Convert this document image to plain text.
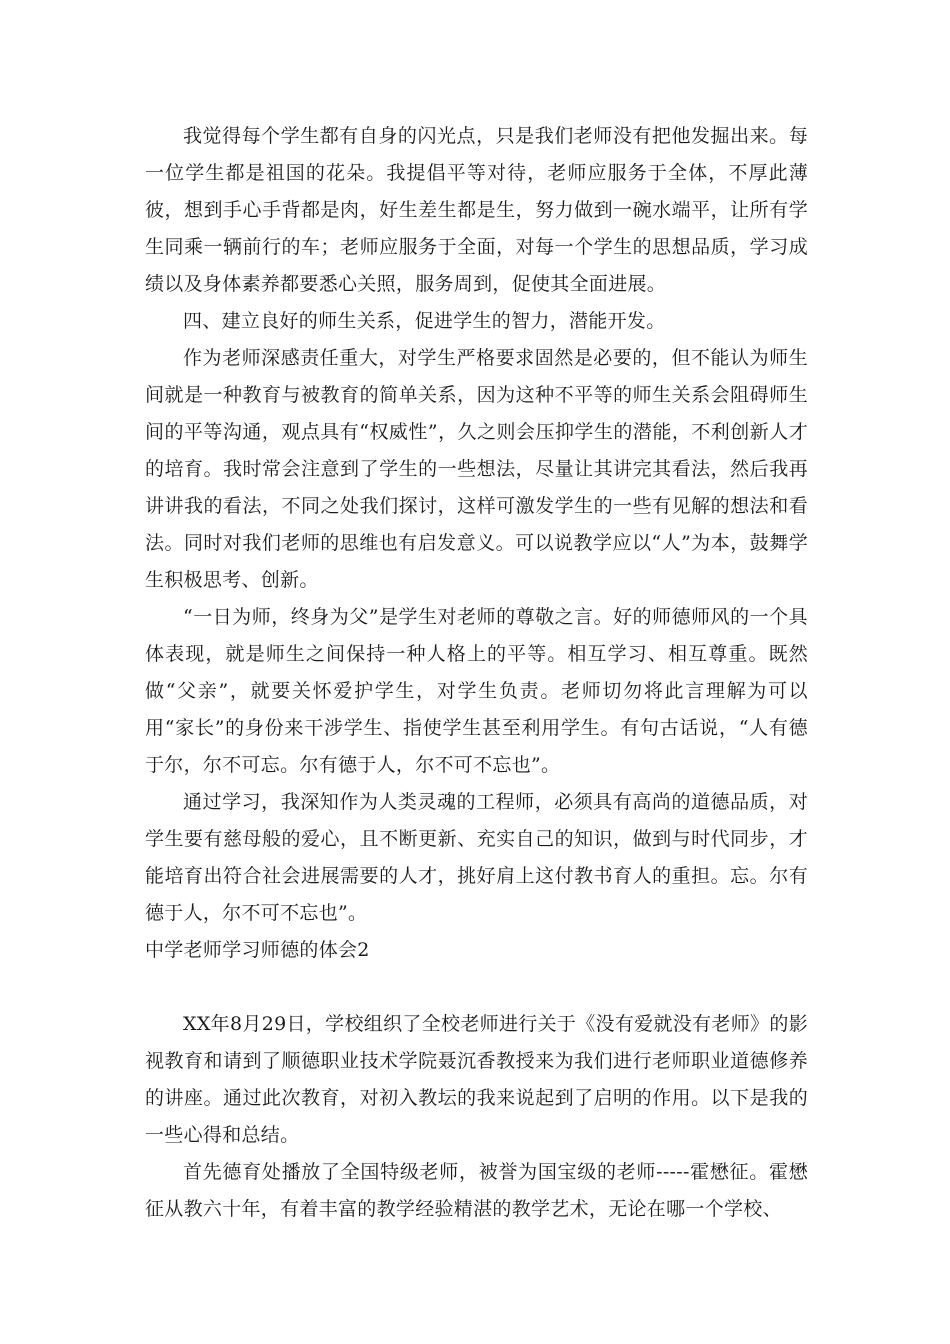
我觉得每个学生都有自身的闪光点，只是我们老师没有把他发掘出来。每一位学生都是祖国的花朵。我提倡平等对待，老师应服务于全体，不厚此薄彼，想到手心手背都是肉，好生差生都是生，努力做到一碗水端平，让所有学生同乘一辆前行的车；老师应服务于全面，对每一个学生的思想品质，学习成绩以及身体素养都要悉心关照，服务周到，促使其全面进展。

四、建立良好的师生关系，促进学生的智力，潜能开发。

作为老师深感责任重大，对学生严格要求固然是必要的，但不能认为师生间就是一种教育与被教育的简单关系，因为这种不平等的师生关系会阻碍师生间的平等沟通，观点具有“权威性”，久之则会压抑学生的潜能，不利创新人才的培育。我时常会注意到了学生的一些想法，尽量让其讲完其看法，然后我再讲讲我的看法，不同之处我们探讨，这样可激发学生的一些有见解的想法和看法。同时对我们老师的思维也有启发意义。可以说教学应以“人”为本，鼓舞学生积极思考、创新。

“一日为师，终身为父”是学生对老师的尊敬之言。好的师德师风的一个具体表现，就是师生之间保持一种人格上的平等。相互学习、相互尊重。既然做“父亲”，就要关怀爱护学生，对学生负责。老师切勿将此言理解为可以用“家长”的身份来干涉学生、指使学生甚至利用学生。有句古话说，“人有德于尔，尔不可忘。尔有德于人，尔不可不忘也”。

通过学习，我深知作为人类灵魂的工程师，必须具有高尚的道德品质，对学生要有慈母般的爱心，且不断更新、充实自己的知识，做到与时代同步，才能培育出符合社会进展需要的人才，挑好肩上这付教书育人的重担。忘。尔有德于人，尔不可不忘也”。

中学老师学习师德的体会2

XX年8月29日，学校组织了全校老师进行关于《没有爱就没有老师》的影视教育和请到了顺德职业技术学院聂沉香教授来为我们进行老师职业道德修养的讲座。通过此次教育，对初入教坛的我来说起到了启明的作用。以下是我的一些心得和总结。

首先德育处播放了全国特级老师，被誉为国宝级的老师-----霍懋征。霍懋征从教六十年，有着丰富的教学经验精湛的教学艺术，无论在哪一个学校、
